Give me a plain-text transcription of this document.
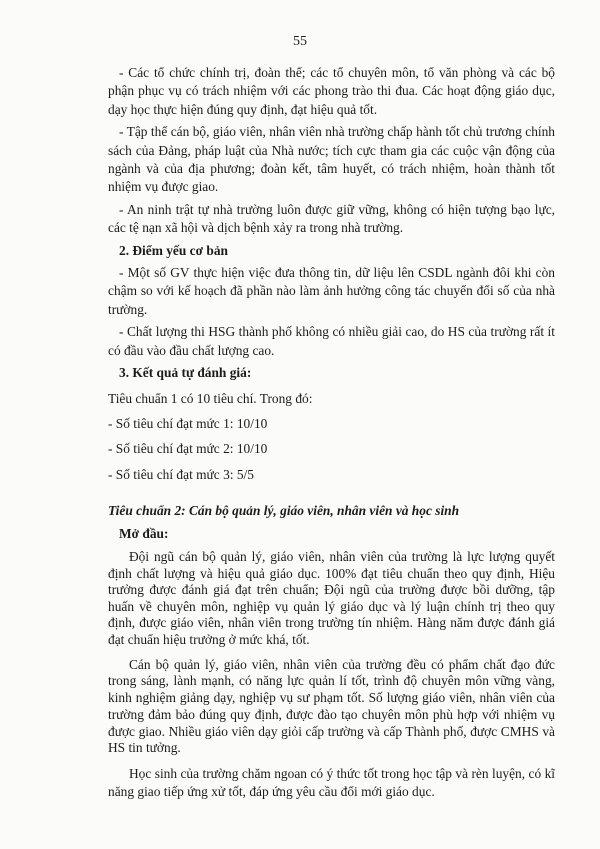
55

- Các tổ chức chính trị, đoàn thể; các tổ chuyên môn, tổ văn phòng và các bộ phận phục vụ có trách nhiệm với các phong trào thi đua. Các hoạt động giáo dục, dạy học thực hiện đúng quy định, đạt hiệu quả tốt.

- Tập thể cán bộ, giáo viên, nhân viên nhà trường chấp hành tốt chủ trương chính sách của Đảng, pháp luật của Nhà nước; tích cực tham gia các cuộc vận động của ngành và của địa phương; đoàn kết, tâm huyết, có trách nhiệm, hoàn thành tốt nhiệm vụ được giao.

- An ninh trật tự nhà trường luôn được giữ vững, không có hiện tượng bạo lực, các tệ nạn xã hội và dịch bệnh xảy ra trong nhà trường.

2. Điểm yếu cơ bản

- Một số GV thực hiện việc đưa thông tin, dữ liệu lên CSDL ngành đôi khi còn chậm so với kế hoạch đã phần nào làm ảnh hưởng công tác chuyển đổi số của nhà trường.

- Chất lượng thi HSG thành phố không có nhiều giải cao, do HS của trường rất ít có đầu vào đầu chất lượng cao.

3. Kết quả tự đánh giá:

Tiêu chuẩn 1 có 10 tiêu chí. Trong đó:

- Số tiêu chí đạt mức 1: 10/10

- Số tiêu chí đạt mức 2: 10/10

- Số tiêu chí đạt mức 3: 5/5

Tiêu chuẩn 2: Cán bộ quản lý, giáo viên, nhân viên và học sinh

Mở đầu:

Đội ngũ cán bộ quản lý, giáo viên, nhân viên của trường là lực lượng quyết định chất lượng và hiệu quả giáo dục. 100% đạt tiêu chuẩn theo quy định, Hiệu trưởng được đánh giá đạt trên chuẩn; Đội ngũ của trường được bồi dưỡng, tập huấn về chuyên môn, nghiệp vụ quản lý giáo dục và lý luận chính trị theo quy định, được giáo viên, nhân viên trong trường tín nhiệm. Hàng năm được đánh giá đạt chuẩn hiệu trưởng ở mức khá, tốt.

Cán bộ quản lý, giáo viên, nhân viên của trường đều có phẩm chất đạo đức trong sáng, lành mạnh, có năng lực quản lí tốt, trình độ chuyên môn vững vàng, kinh nghiệm giảng dạy, nghiệp vụ sư phạm tốt. Số lượng giáo viên, nhân viên của trường đảm bảo đúng quy định, được đào tạo chuyên môn phù hợp với nhiệm vụ được giao. Nhiều giáo viên dạy giỏi cấp trường và cấp Thành phố, được CMHS và HS tin tưởng.

Học sinh của trường chăm ngoan có ý thức tốt trong học tập và rèn luyện, có kĩ năng giao tiếp ứng xử tốt, đáp ứng yêu cầu đổi mới giáo dục.
